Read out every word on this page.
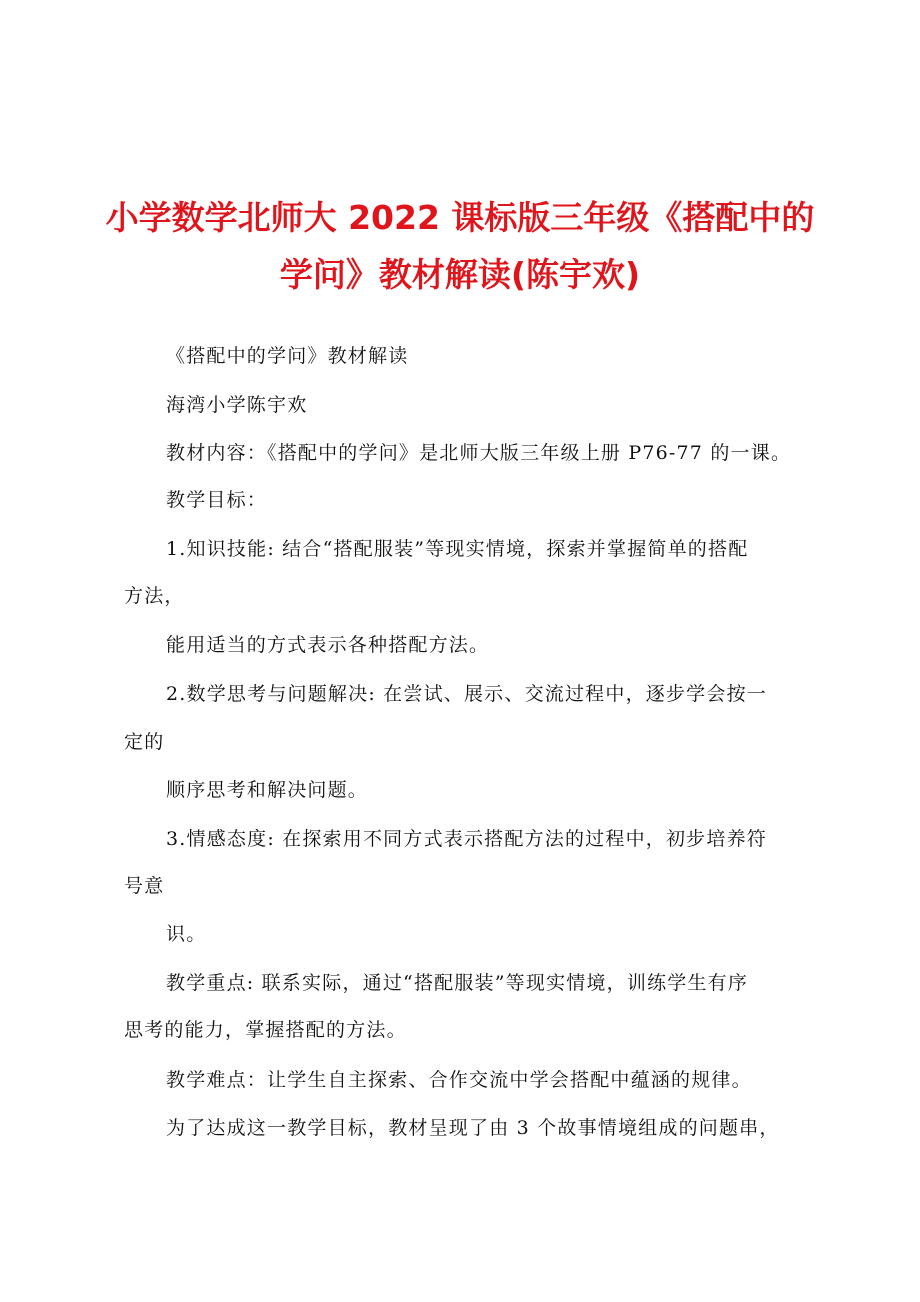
小学数学北师大 2022 课标版三年级《搭配中的
学问》教材解读(陈宇欢)
《搭配中的学问》教材解读
海湾小学陈宇欢
教材内容：《搭配中的学问》是北师大版三年级上册 P76-77 的一课。
教学目标：
1.知识技能: 结合“搭配服装”等现实情境，探索并掌握简单的搭配
方法，
能用适当的方式表示各种搭配方法。
2.数学思考与问题解决: 在尝试、展示、交流过程中，逐步学会按一
定的
顺序思考和解决问题。
3.情感态度: 在探索用不同方式表示搭配方法的过程中，初步培养符
号意
识。
教学重点: 联系实际，通过“搭配服装”等现实情境，训练学生有序
思考的能力，掌握搭配的方法。
教学难点：让学生自主探索、合作交流中学会搭配中蕴涵的规律。
为了达成这一教学目标，教材呈现了由 3 个故事情境组成的问题串，
